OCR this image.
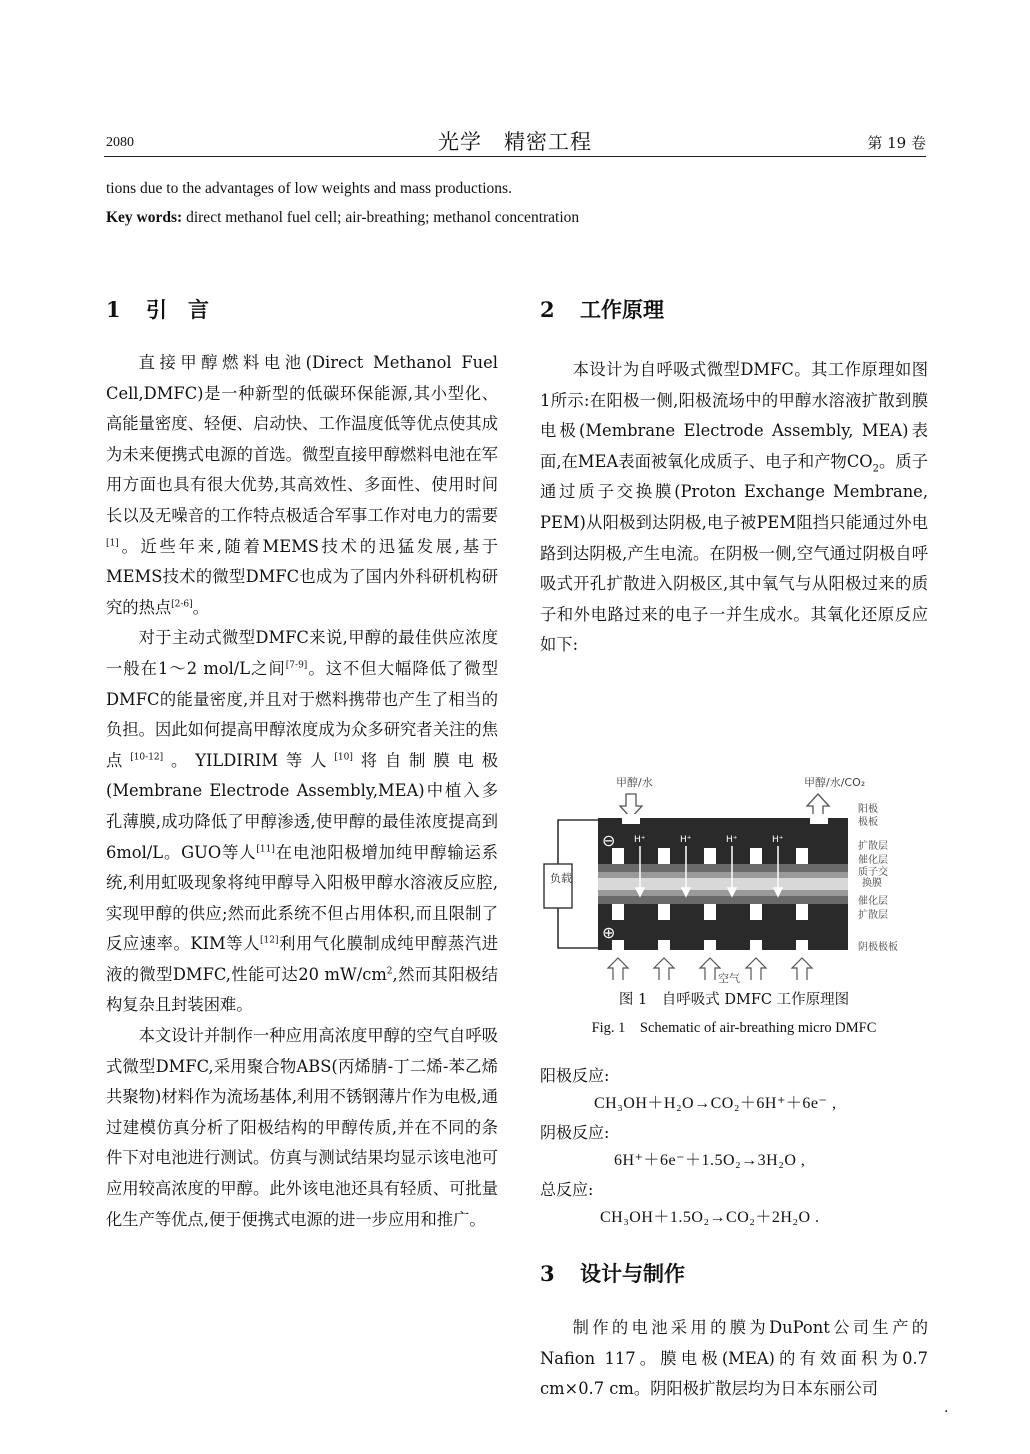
2080	光学　精密工程	第 19 卷
tions due to the advantages of low weights and mass productions.
Key words: direct methanol fuel cell; air-breathing; methanol concentration
1 引　言

直接甲醇燃料电池(Direct Methanol Fuel Cell,DMFC)是一种新型的低碳环保能源,其小型化、高能量密度、轻便、启动快、工作温度低等优点使其成为未来便携式电源的首选。微型直接甲醇燃料电池在军用方面也具有很大优势,其高效性、多面性、使用时间长以及无噪音的工作特点极适合军事工作对电力的需要[1]。近些年来,随着MEMS技术的迅猛发展,基于MEMS技术的微型DMFC也成为了国内外科研机构研究的热点[2-6]。

对于主动式微型DMFC来说,甲醇的最佳供应浓度一般在1～2 mol/L之间[7-9]。这不但大幅降低了微型DMFC的能量密度,并且对于燃料携带也产生了相当的负担。因此如何提高甲醇浓度成为众多研究者关注的焦点[10-12]。YILDIRIM等人[10]将自制膜电极(Membrane Electrode Assembly,MEA)中植入多孔薄膜,成功降低了甲醇渗透,使甲醇的最佳浓度提高到6mol/L。GUO等人[11]在电池阳极增加纯甲醇输运系统,利用虹吸现象将纯甲醇导入阳极甲醇水溶液反应腔,实现甲醇的供应;然而此系统不但占用体积,而且限制了反应速率。KIM等人[12]利用气化膜制成纯甲醇蒸汽进液的微型DMFC,性能可达20 $mW/cm^2$,然而其阳极结构复杂且封装困难。

本文设计并制作一种应用高浓度甲醇的空气自呼吸式微型DMFC,采用聚合物ABS(丙烯腈-丁二烯-苯乙烯共聚物)材料作为流场基体,利用不锈钢薄片作为电极,通过建模仿真分析了阳极结构的甲醇传质,并在不同的条件下对电池进行测试。仿真与测试结果均显示该电池可应用较高浓度的甲醇。此外该电池还具有轻质、可批量化生产等优点,便于便携式电源的进一步应用和推广。

2 工作原理

本设计为自呼吸式微型DMFC。其工作原理如图1所示:在阳极一侧,阳极流场中的甲醇水溶液扩散到膜电极(Membrane Electrode Assembly, MEA)表面,在MEA表面被氧化成质子、电子和产物$CO_2$。质子通过质子交换膜(Proton Exchange Membrane, PEM)从阳极到达阴极,电子被PEM阻挡只能通过外电路到达阴极,产生电流。在阴极一侧,空气通过阴极自呼吸式开孔扩散进入阴极区,其中氧气与从阳极过来的质子和外电路过来的电子一并生成水。其氧化还原反应如下:

甲醇/水	甲醇/水/CO₂
负载
⊖
⊕
H⁺	H⁺	H⁺	H⁺
阳极
极板
扩散层
催化层
质子交
换膜
催化层
扩散层
阴极极板
空气
图 1　自呼吸式 DMFC 工作原理图
Fig. 1　Schematic of air-breathing micro DMFC
阳极反应:
CH₃OH＋H₂O→CO₂＋6H⁺＋6e⁻ ,
阴极反应:
6H⁺＋6e⁻＋1.5O₂→3H₂O ,
总反应:
CH₃OH＋1.5O₂→CO₂＋2H₂O .
3 设计与制作

制作的电池采用的膜为DuPont公司生产的Nafion 117。膜电极(MEA)的有效面积为0.7 cm×0.7 cm。阴阳极扩散层均为日本东丽公司

·
